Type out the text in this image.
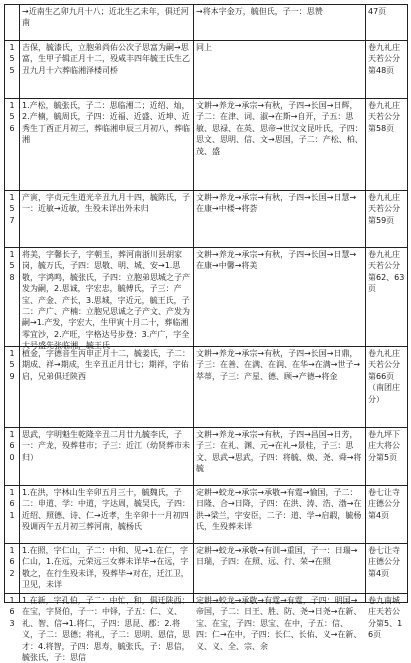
	→近南生乙卯九月十八；近北生乙未年，俱迁河南	→将本字金万，毓但氏，子一：思赞	47页

155	吉保，毓漆氏，立胞弟尚佑公次子思富为嗣→思富，生甲子辑正月十二，殁咸丰四年毓王氏生乙丑九月十六葬临湘泽楼司桥	同上	卷九礼庄天若公分第48页

156	1.产松，毓张氏，子二：思临湘二；近绍、灿，2.产楠，毓周氏，子四：近福、近盛、近坤、近秀生丁酉正月初三，葬临湘申辰三月初八，葬临湘	文耕→养龙→承宗→有秋，子四→长国→日辉，子二：在津、词、淑→在斯→自开，子五：思敏、思禄、在英、思帝→世汉文昆叶氏，子四：思文、思明、信、文→思国，子二：产松、柏、茂、盛	卷九礼庄天若公分第58页

157	产寅，字贞元生道光辛丑九月十四，毓陈氏，子一：近敏→近敏，生殁未详出外未归	文耕→养龙→承宗→有秋，子四→长国→日慧→在康→中楼→将荟	卷九礼庄天若公分第59页

158	将美，字馨长子，字朝玉，葬河南浙川县胡家岗，毓万氏，子四：思敬、明、城、安→1.思敬，字鸿鸣，毓张氏，子四：立胞弟思城之子产发为嗣，2.思诚，字宏忠，毓傅氏，子三：产宝、产金、产长，3.思城，字近元，毓王氏，子二：产广、产楠：立胞兄思诚之子产文、产发为嗣→1.产发，字宏大，生甲寅十月二十，葬临湘零宜沙，2.产旺，字格达号步登：3.产广，字全大号盛先张临湘，毓王氏	文耕→养龙→承宗→有秋，子四→长国→日慧→在康→中馨→将美	卷九礼庄天若公分第62、63页

159	植金，字德音生丙申正月十二，毓姜氏，子二：期成、祥→期成，生辛丑正月廿七；期祥，字佑启，兄弟俱迁陕西	文耕→养龙→承宗→有秋，子四→长国→日鼎，子三：在善、在满、在润、在华→在满→世子→萃蒂，子三：产星、德、顾→产德→将金	卷九礼庄天若公分第66页（南团庄分）

160	思武，字明魁生乾隆辛丑二月廿九毓李氏，子一：产龙，殁葬巷市；子三：近江（幼贤葬市未归）	文耕→养龙→承宗→有秋，子四→昌国→日芳，子三：在礼、渊、元→在礼→景桂，子三：思文、思武→思武，子四：将毓、焕、尧、舜→将毓	卷九坪下庄大将公分第5页

161	1.在洪，字林山生辛卯五月三十，毓魏氏，子二：申道、学：中道，字达周，毓吴氏，子四：近绍、照德、诗、仁→近孝，生辛卯十一月初四殁调丙午五月初三葬河南，毓杨氏	定耕→蛟龙→承宗→承敬→有霆→愉国，子二：日隆、合→日降，子四：在洪、涛、浩、渤→在洪→梁兰，字安臣，二子：道、学→启嘏，毓杨氏，生殁葬未详	卷七让寺庄德公分第4页

162	1.在照，字仁山，子二：中和、见→1.在仁，字仁山，1.在远，元荣远三女葬未详毕→在远，字敬之，在行生殁未详，殁葬毕→对在，迁江卫，卫见，未详	定耕→蛟龙→承敬→有训→重国，子一：日瑞→日瑞，子四：在照、远、行、荣→在照	卷七让寺庄德公分第4页

163	1.在新，字孔伯，子二：中忙、和，俱迁陕西；在宝，字贤伯，子一：中铎，子五：仁、义、礼、智、信→1.将仁，子四：思昆、郡：2.将义，子二：思德；将礼，子二：思明、恩信，思才：4.将智，子四：思寿，毓张氏，子：思信，毓张氏，子：思信	定耕→蛟龙→承敬→有霆→有霆，子四：明国→帝国，子二：日王、胜、防、尧→日尧→在新、宝、在宝，子四：思宝、在中，子五：信、四：仁→在中，子四：长仁、长佑、义→在新、义、义、全、宗、余	卷九南城庄天若公分第5、16页
